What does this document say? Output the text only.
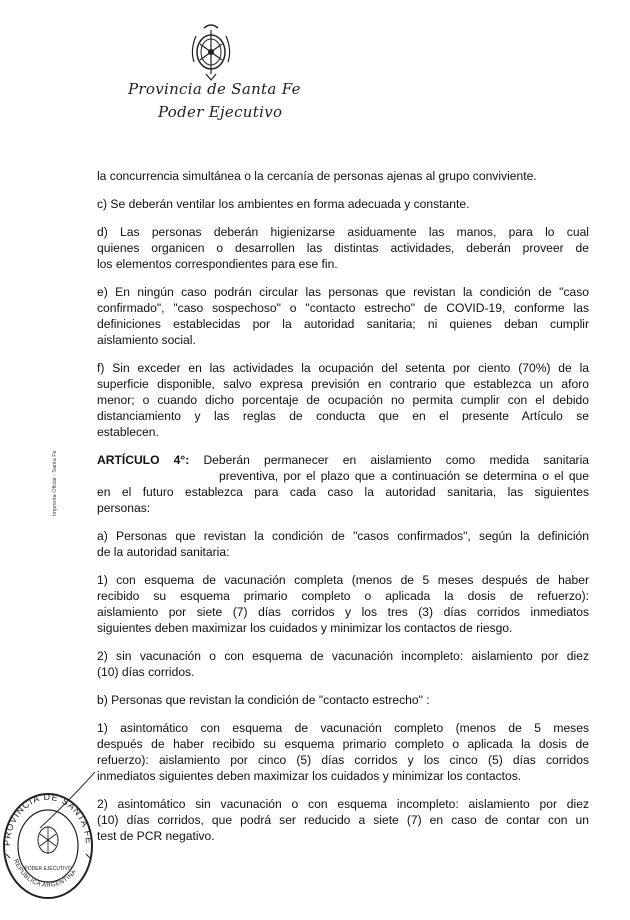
Provincia de Santa Fe
Poder Ejecutivo
Imprenta Oficial - Santa Fe
la concurrencia simultánea o la cercanía de personas ajenas al grupo conviviente.
c) Se deberán ventilar los ambientes en forma adecuada y constante.
d) Las personas deberán higienizarse asiduamente las manos, para lo cual
quienes organicen o desarrollen las distintas actividades, deberán proveer de
los elementos correspondientes para ese fin.
e) En ningún caso podrán circular las personas que revistan la condición de "caso
confirmado", "caso sospechoso" o "contacto estrecho" de COVID-19, conforme las
definiciones establecidas por la autoridad sanitaria; ni quienes deban cumplir
aislamiento social.
f) Sin exceder en las actividades la ocupación del setenta por ciento (70%) de la
superficie disponible, salvo expresa previsión en contrario que establezca un aforo
menor; o cuando dicho porcentaje de ocupación no permita cumplir con el debido
distanciamiento y las reglas de conducta que en el presente Artículo se
establecen.
ARTÍCULO 4°: Deberán permanecer en aislamiento como medida sanitaria
preventiva, por el plazo que a continuación se determina o el que
en el futuro establezca para cada caso la autoridad sanitaria, las siguientes
personas:
a) Personas que revistan la condición de "casos confirmados", según la definición
de la autoridad sanitaria:
1) con esquema de vacunación completa (menos de 5 meses después de haber
recibido su esquema primario completo o aplicada la dosis de refuerzo):
aislamiento por siete (7) días corridos y los tres (3) días corridos inmediatos
siguientes deben maximizar los cuidados y minimizar los contactos de riesgo.
2) sin vacunación o con esquema de vacunación incompleto: aislamiento por diez
(10) días corridos.
b) Personas que revistan la condición de "contacto estrecho" :
1) asintomático con esquema de vacunación completo (menos de 5 meses
después de haber recibido su esquema primario completo o aplicada la dosis de
refuerzo): aislamiento por cinco (5) días corridos y los cinco (5) días corridos
inmediatos siguientes deben maximizar los cuidados y minimizar los contactos.
2) asintomático sin vacunación o con esquema incompleto: aislamiento por diez
(10) días corridos, que podrá ser reducido a siete (7) en caso de contar con un
test de PCR negativo.
PROVINCIA DE SANTA FE
REPÚBLICA ARGENTINA
PODER EJECUTIVO
